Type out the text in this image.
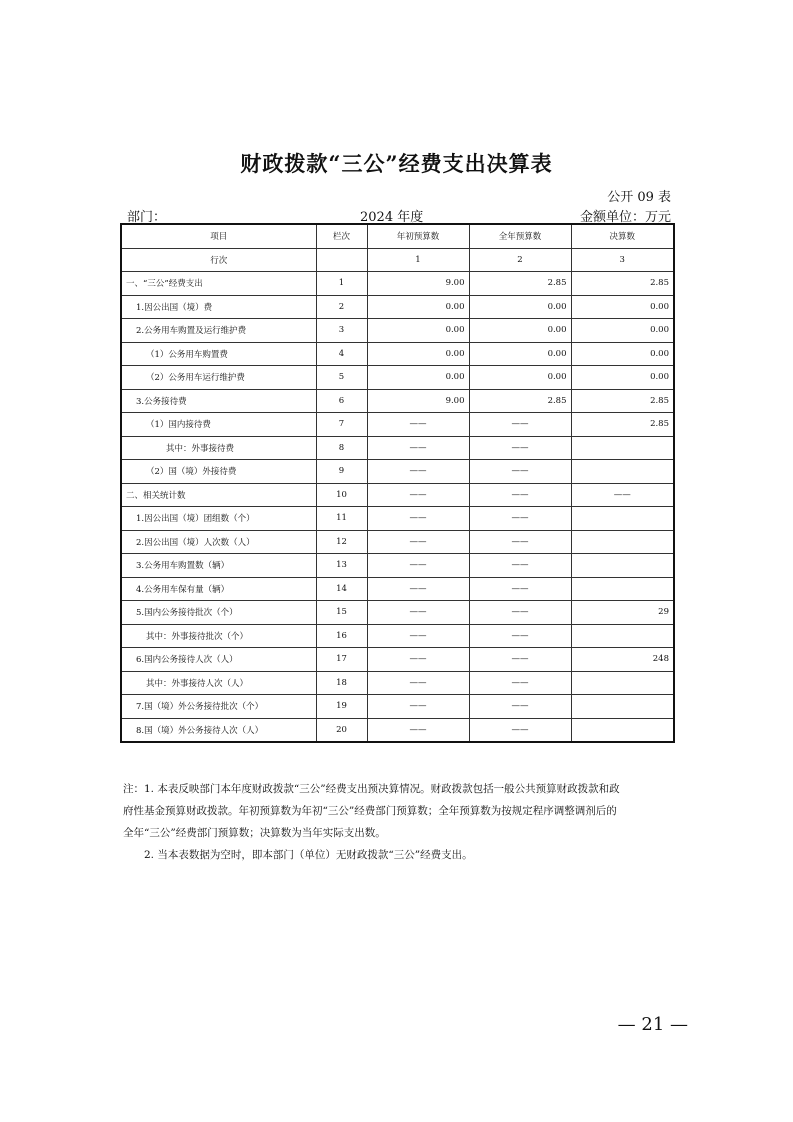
财政拨款“三公”经费支出决算表
公开 09 表
部门：	2024 年度	金额单位：万元
项目	栏次	年初预算数	全年预算数	决算数
行次		1	2	3
一、“三公”经费支出	1	9.00	2.85	2.85
1.因公出国（境）费	2	0.00	0.00	0.00
2.公务用车购置及运行维护费	3	0.00	0.00	0.00
（1）公务用车购置费	4	0.00	0.00	0.00
（2）公务用车运行维护费	5	0.00	0.00	0.00
3.公务接待费	6	9.00	2.85	2.85
（1）国内接待费	7	——	——	2.85
其中：外事接待费	8	——	——	
（2）国（境）外接待费	9	——	——	
二、相关统计数	10	——	——	——
1.因公出国（境）团组数（个）	11	——	——	
2.因公出国（境）人次数（人）	12	——	——	
3.公务用车购置数（辆）	13	——	——	
4.公务用车保有量（辆）	14	——	——	
5.国内公务接待批次（个）	15	——	——	29
其中：外事接待批次（个）	16	——	——	
6.国内公务接待人次（人）	17	——	——	248
其中：外事接待人次（人）	18	——	——	
7.国（境）外公务接待批次（个）	19	——	——	
8.国（境）外公务接待人次（人）	20	——	——	

注：1. 本表反映部门本年度财政拨款“三公”经费支出预决算情况。财政拨款包括一般公共预算财政拨款和政

府性基金预算财政拨款。年初预算数为年初“三公”经费部门预算数；全年预算数为按规定程序调整调剂后的

全年“三公”经费部门预算数；决算数为当年实际支出数。

2. 当本表数据为空时，即本部门（单位）无财政拨款“三公”经费支出。

— 21 —
